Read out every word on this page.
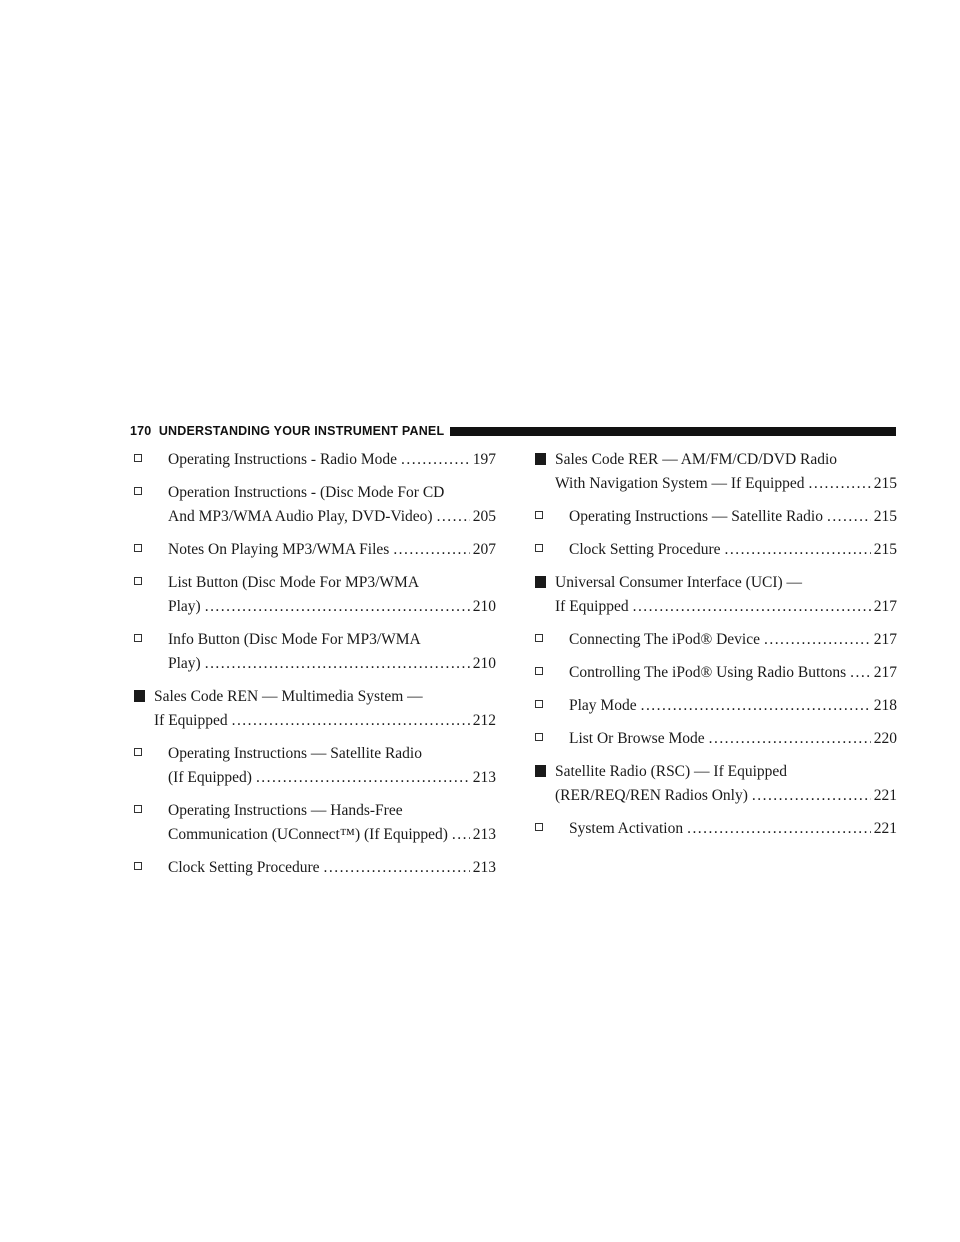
170 UNDERSTANDING YOUR INSTRUMENT PANEL
Operating Instructions - Radio Mode . . .	197
Operation Instructions - (Disc Mode For CD
And MP3/WMA Audio Play, DVD-Video) . . .	205
Notes On Playing MP3/WMA Files . . .	207
List Button (Disc Mode For MP3/WMA
Play) . . .	210
Info Button (Disc Mode For MP3/WMA
Play) . . .	210
Sales Code REN — Multimedia System —
If Equipped . . .	212
Operating Instructions — Satellite Radio
(If Equipped) . . .	213
Operating Instructions — Hands-Free
Communication (UConnect™) (If Equipped) . . . 213
Clock Setting Procedure . . .	213
Sales Code RER — AM/FM/CD/DVD Radio
With Navigation System — If Equipped . . .	215
Operating Instructions — Satellite Radio . . .	215
Clock Setting Procedure . . .	215
Universal Consumer Interface (UCI) —
If Equipped . . .	217
Connecting The iPod® Device . . .	217
Controlling The iPod® Using Radio Buttons . . . 217
Play Mode . . .	218
List Or Browse Mode . . .	220
Satellite Radio (RSC) — If Equipped
(RER/REQ/REN Radios Only) . . .	221
System Activation . . .	221
